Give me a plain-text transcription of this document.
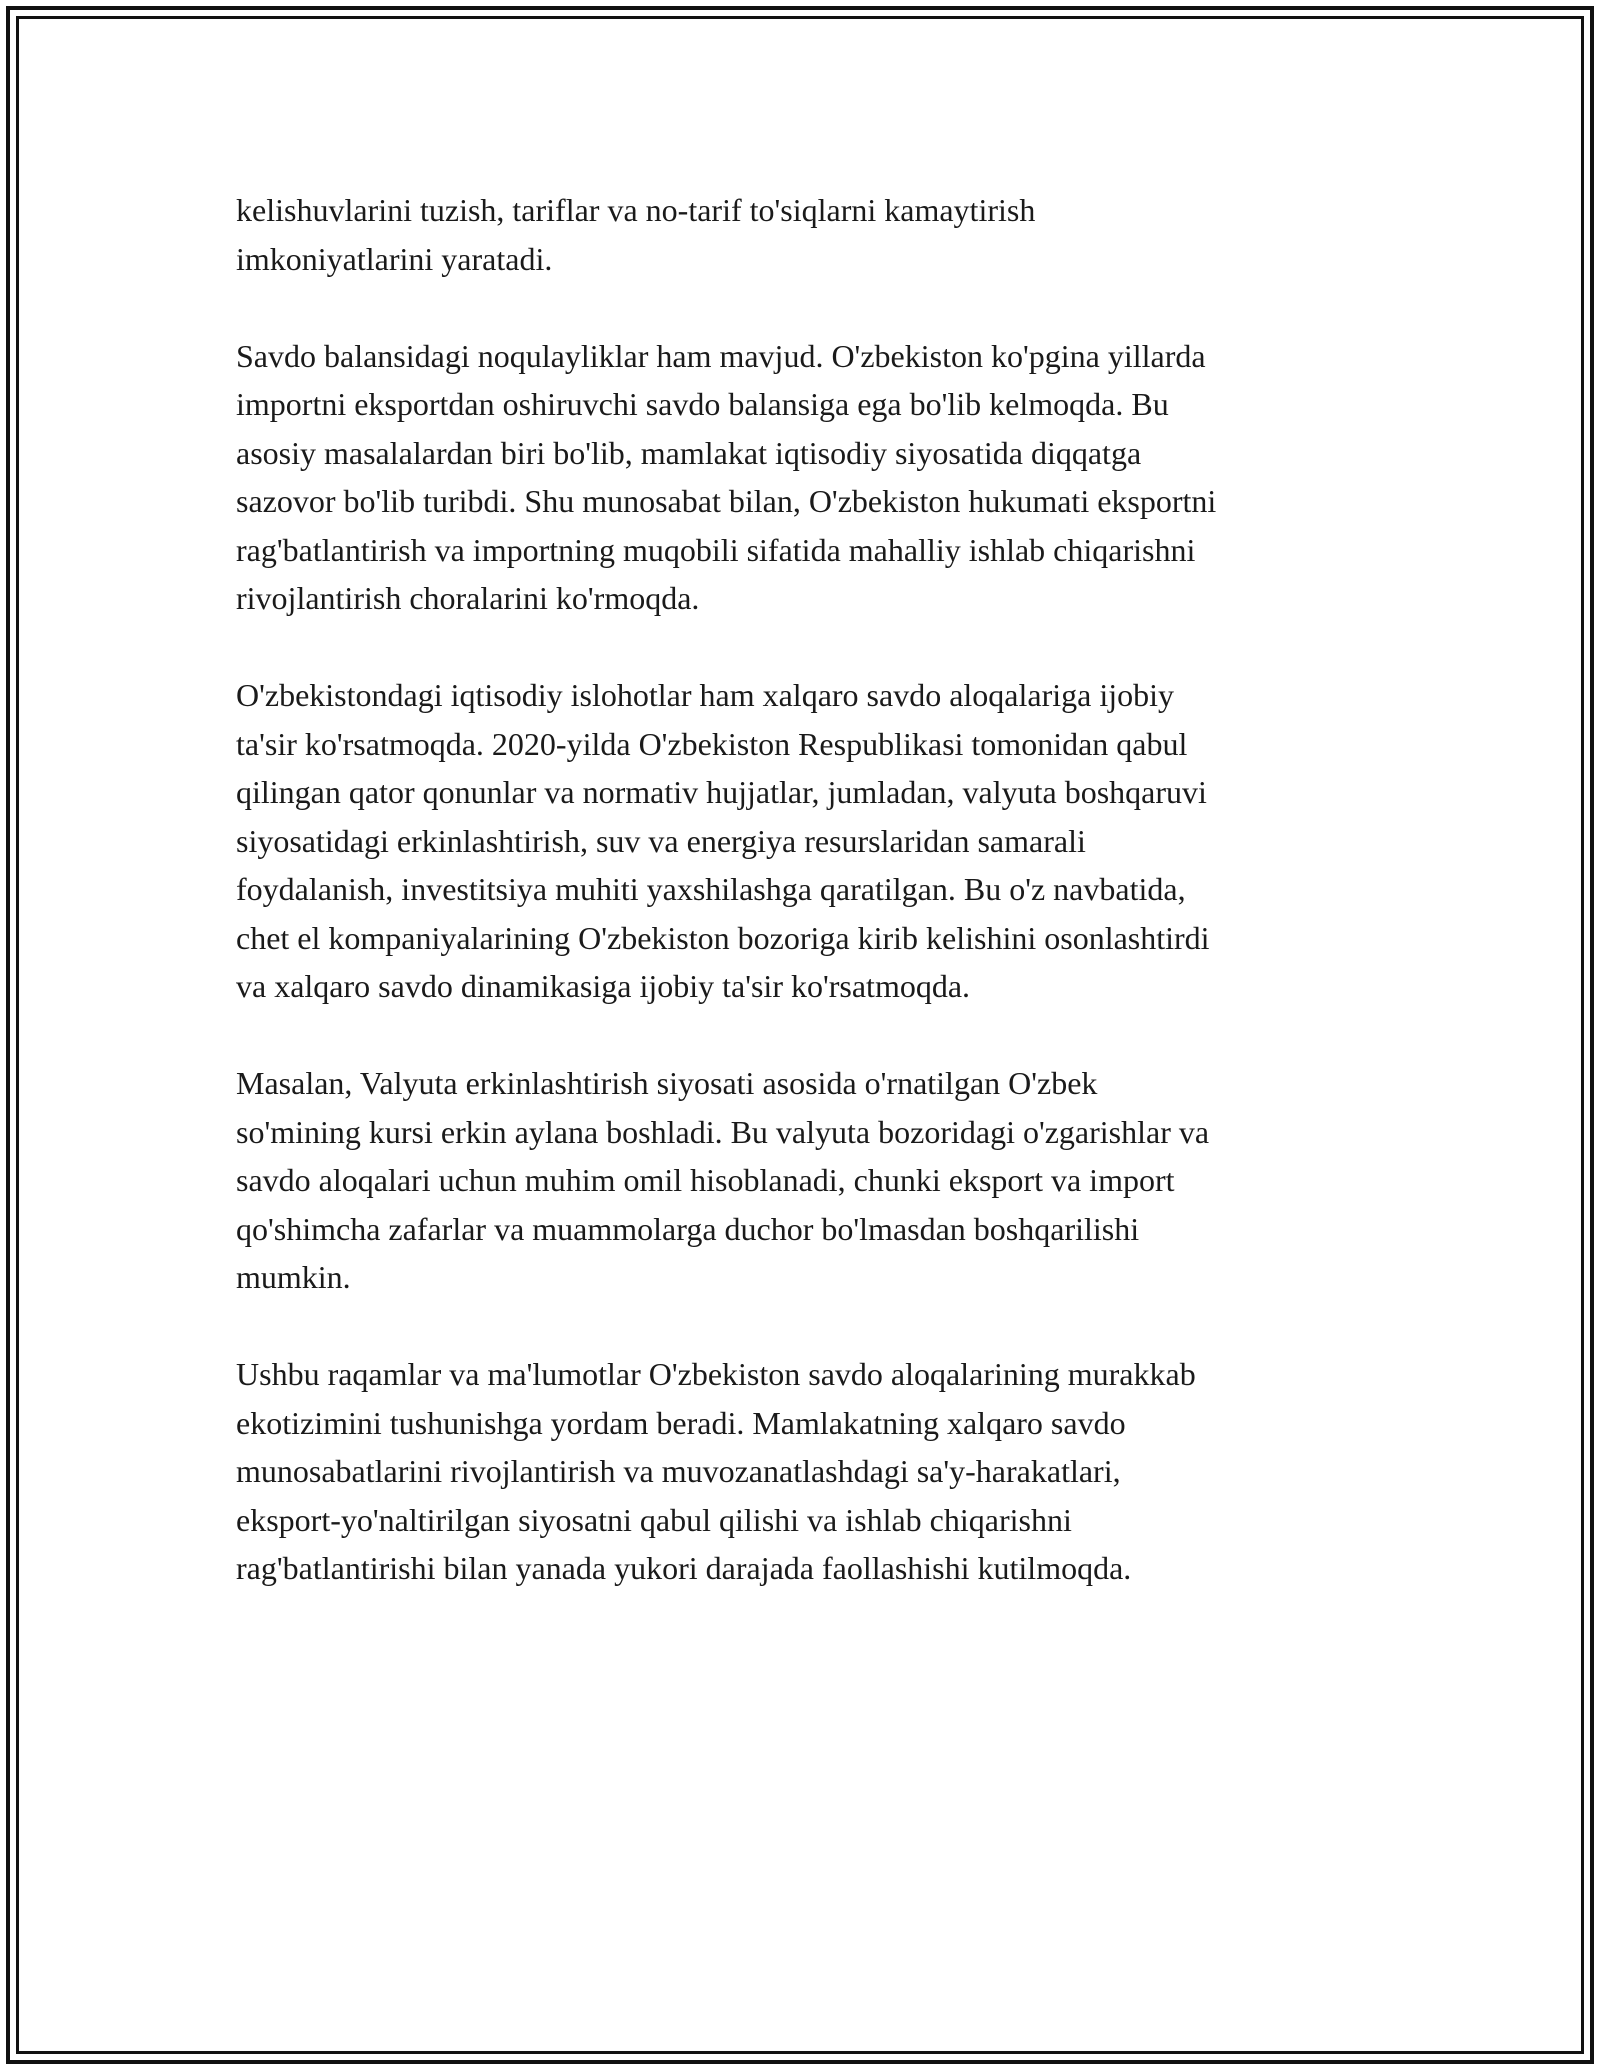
kelishuvlarini tuzish, tariflar va no-tarif to'siqlarni kamaytirish
imkoniyatlarini yaratadi.

Savdo balansidagi noqulayliklar ham mavjud. O'zbekiston ko'pgina yillarda
importni eksportdan oshiruvchi savdo balansiga ega bo'lib kelmoqda. Bu
asosiy masalalardan biri bo'lib, mamlakat iqtisodiy siyosatida diqqatga
sazovor bo'lib turibdi. Shu munosabat bilan, O'zbekiston hukumati eksportni
rag'batlantirish va importning muqobili sifatida mahalliy ishlab chiqarishni
rivojlantirish choralarini ko'rmoqda.

O'zbekistondagi iqtisodiy islohotlar ham xalqaro savdo aloqalariga ijobiy
ta'sir ko'rsatmoqda. 2020-yilda O'zbekiston Respublikasi tomonidan qabul
qilingan qator qonunlar va normativ hujjatlar, jumladan, valyuta boshqaruvi
siyosatidagi erkinlashtirish, suv va energiya resurslaridan samarali
foydalanish, investitsiya muhiti yaxshilashga qaratilgan. Bu o'z navbatida,
chet el kompaniyalarining O'zbekiston bozoriga kirib kelishini osonlashtirdi
va xalqaro savdo dinamikasiga ijobiy ta'sir ko'rsatmoqda.

Masalan, Valyuta erkinlashtirish siyosati asosida o'rnatilgan O'zbek
so'mining kursi erkin aylana boshladi. Bu valyuta bozoridagi o'zgarishlar va
savdo aloqalari uchun muhim omil hisoblanadi, chunki eksport va import
qo'shimcha zafarlar va muammolarga duchor bo'lmasdan boshqarilishi
mumkin.

Ushbu raqamlar va ma'lumotlar O'zbekiston savdo aloqalarining murakkab
ekotizimini tushunishga yordam beradi. Mamlakatning xalqaro savdo
munosabatlarini rivojlantirish va muvozanatlashdagi sa'y-harakatlari,
eksport-yo'naltirilgan siyosatni qabul qilishi va ishlab chiqarishni
rag'batlantirishi bilan yanada yukori darajada faollashishi kutilmoqda.
